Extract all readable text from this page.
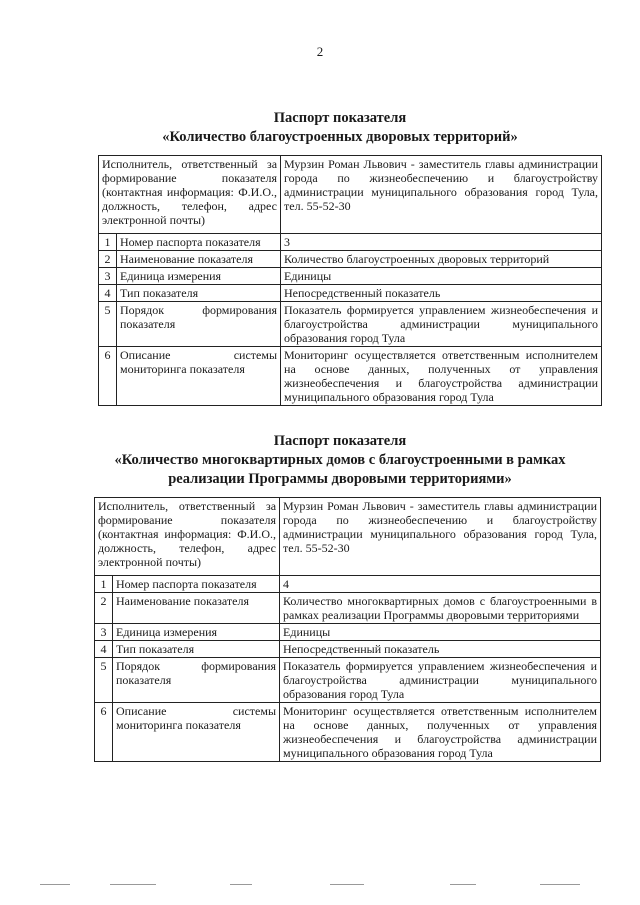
2
Паспорт показателя
«Количество благоустроенных дворовых территорий»
Исполнитель, ответственный за формирование показателя (контактная информация: Ф.И.О., должность, телефон, адрес электронной почты)		Мурзин Роман Львович - заместитель главы администрации города по жизнеобеспечению и благоустройству администрации муниципального образования город Тула, тел. 55-52-30
1	Номер паспорта показателя	3
2	Наименование показателя	Количество благоустроенных дворовых территорий
3	Единица измерения	Единицы
4	Тип показателя	Непосредственный показатель
5	Порядок формирования показателя	Показатель формируется управлением жизнеобеспечения и благоустройства администрации муниципального образования город Тула
6	Описание системы мониторинга показателя	Мониторинг осуществляется ответственным исполнителем на основе данных, полученных от управления жизнеобеспечения и благоустройства администрации муниципального образования город Тула
Паспорт показателя
«Количество многоквартирных домов с благоустроенными в рамках
реализации Программы дворовыми территориями»
Исполнитель, ответственный за формирование показателя (контактная информация: Ф.И.О., должность, телефон, адрес электронной почты)		Мурзин Роман Львович - заместитель главы администрации города по жизнеобеспечению и благоустройству администрации муниципального образования город Тула, тел. 55-52-30
1	Номер паспорта показателя	4
2	Наименование показателя	Количество многоквартирных домов с благоустроенными в рамках реализации Программы дворовыми территориями
3	Единица измерения	Единицы
4	Тип показателя	Непосредственный показатель
5	Порядок формирования показателя	Показатель формируется управлением жизнеобеспечения и благоустройства администрации муниципального образования город Тула
6	Описание системы мониторинга показателя	Мониторинг осуществляется ответственным исполнителем на основе данных, полученных от управления жизнеобеспечения и благоустройства администрации муниципального образования город Тула
